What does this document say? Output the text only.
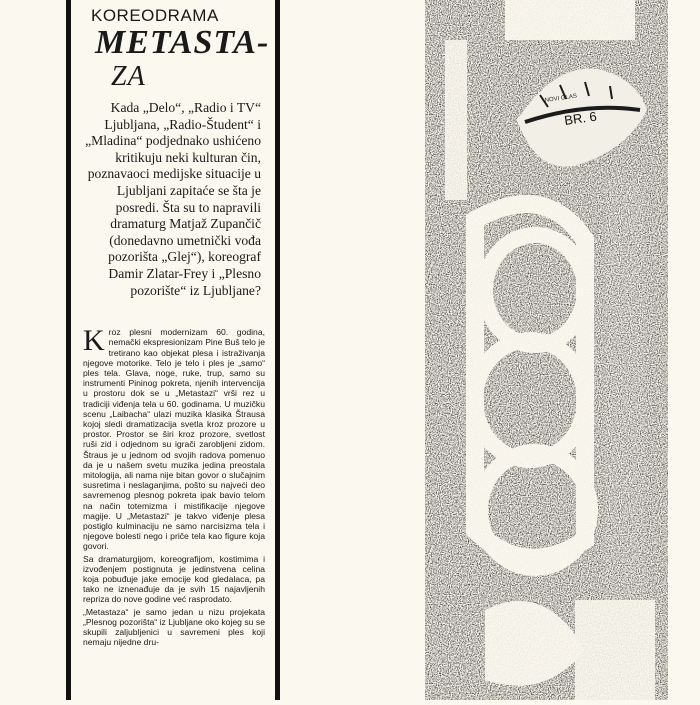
KOREODRAMA
METASTA-
ZA

Kada „Delo“, „Radio i TV“ Ljubljana, „Radio-Študent“ i „Mladina“ podjednako ushićeno kritikuju neki kulturan čin, poznavaoci medijske situacije u Ljubljani zapitaće se šta je posredi. Šta su to napravili dramaturg Matjaž Zupančič (donedavno umetnički vođa pozorišta „Glej“), koreograf Damir Zlatar-Frey i „Plesno pozorište“ iz Ljubljane?

Kroz plesni modernizam 60. godina, nemački ekspresionizam Pine Buš telo je tretirano kao objekat plesa i istraživanja njegove motorike. Telo je telo i ples je „samo“ ples tela. Glava, noge, ruke, trup, samo su instrumenti Pininog pokreta, njenih intervencija u prostoru dok se u „Metastazi“ vrši rez u tradiciji viđenja tela u 60. godinama. U muzičku scenu „Laibacha“ ulazi muzika klasika Štrausa kojoj sledi dramatizacija svetla kroz prozore u prostor. Prostor se širi kroz prozore, svetlost ruši zid i odjednom su igrači zarobljeni zidom. Štraus je u jednom od svojih radova pomenuo da je u našem svetu muzika jedina preostala mitologija, ali nama nije bitan govor o slučajnim susretima i neslaganjima, pošto su najveći deo savremenog plesnog pokreta ipak bavio telom na način totemizma i mistifikacije njegove magije. U „Metastazi“ je takvo viđenje plesa postiglo kulminaciju ne samo narcisizma tela i njegove bolesti nego i priče tela kao figure koja govori.

Sa dramaturgijom, koreografijom, kostimima i izvođenjem postignuta je jedinstvena celina koja pobuđuje jake emocije kod gledalaca, pa tako ne iznenađuje da je svih 15 najavljenih repriza do nove godine već rasprodato.

„Metastaza“ je samo jedan u nizu projekata „Plesnog pozorišta“ iz Ljubljane oko kojeg su se skupili zaljubljenici u savremeni ples koji nemaju nijedne dru-

NOVI GLAS
BR. 6
